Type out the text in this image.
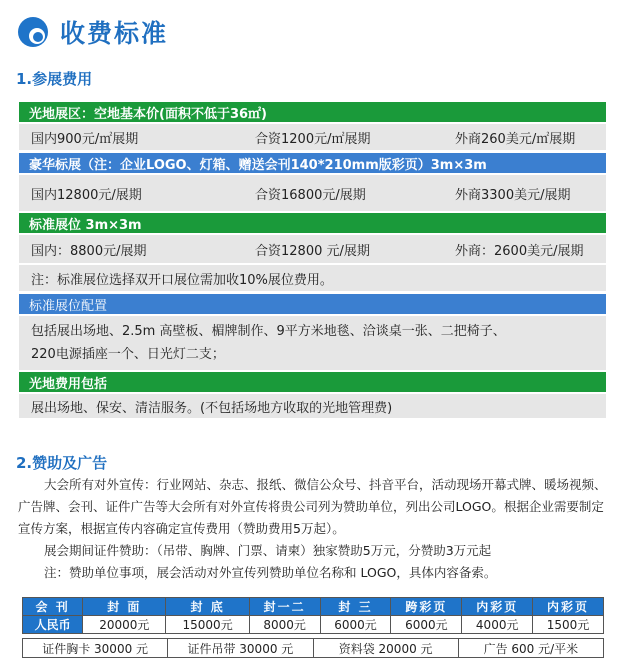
收费标准
1.参展费用
光地展区：空地基本价(面积不低于36㎡)
国内900元/㎡展期	合资1200元/㎡展期	外商260美元/㎡展期
豪华标展（注：企业LOGO、灯箱、赠送会刊140*210mm版彩页）3m×3m
国内12800元/展期	合资16800元/展期	外商3300美元/展期
标准展位 3m×3m
国内：8800元/展期	合资12800 元/展期	外商：2600美元/展期
注：标准展位选择双开口展位需加收10%展位费用。
标准展位配置
包括展出场地、2.5m 高壁板、楣牌制作、9平方米地毯、洽谈桌一张、二把椅子、
220电源插座一个、日光灯二支；
光地费用包括
展出场地、保安、清洁服务。(不包括场地方收取的光地管理费)
2.赞助及广告

大会所有对外宣传：行业网站、杂志、报纸、微信公众号、抖音平台，活动现场开幕式牌、暖场视频、广告牌、会刊、证件广告等大会所有对外宣传将贵公司列为赞助单位，列出公司LOGO。根据企业需要制定宣传方案，根据宣传内容确定宣传费用（赞助费用5万起）。

展会期间证件赞助：（吊带、胸牌、门票、请柬）独家赞助5万元，分赞助3万元起

注：赞助单位事项，展会活动对外宣传列赞助单位名称和 LOGO，具体内容备索。

会 刊	封 面	封 底	封一二	封 三	跨彩页	内彩页	内彩页
人民币	20000元	15000元	8000元	6000元	6000元	4000元	1500元
证件胸卡 30000 元	证件吊带 30000 元	资料袋 20000 元	广告 600 元/平米
